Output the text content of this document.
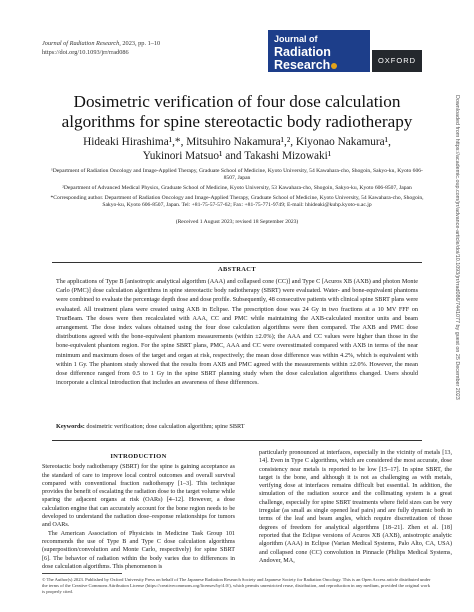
Journal of Radiation Research, 2023, pp. 1–10
https://doi.org/10.1093/jrr/rrad086
Journal of
Radiation
Research	OXFORD
Dosimetric verification of four dose calculation
algorithms for spine stereotactic body radiotherapy
Hideaki Hirashima¹,*, Mitsuhiro Nakamura¹,², Kiyonao Nakamura¹,
Yukinori Matsuo¹ and Takashi Mizowaki¹
¹Department of Radiation Oncology and Image-Applied Therapy, Graduate School of Medicine, Kyoto University, 54 Kawahara-cho, Shogoin, Sakyo-ku, Kyoto 606-8507, Japan
²Department of Advanced Medical Physics, Graduate School of Medicine, Kyoto University, 53 Kawahara-cho, Shogoin, Sakyo-ku, Kyoto 606-8507, Japan
*Corresponding author. Department of Radiation Oncology and Image-Applied Therapy, Graduate School of Medicine, Kyoto University, 54 Kawahara-cho, Shogoin, Sakyo-ku, Kyoto 606-8507, Japan. Tel: +81-75-57-57-62; Fax: +81-75-771-9749; E-mail: hhideaki@kuhp.kyoto-u.ac.jp
(Received 1 August 2023; revised 18 September 2023)
ABSTRACT
The applications of Type B [anisotropic analytical algorithm (AAA) and collapsed cone (CC)] and Type C [Acuros XB (AXB) and photon Monte Carlo (PMC)] dose calculation algorithms in spine stereotactic body radiotherapy (SBRT) were evaluated. Water- and bone-equivalent phantoms were combined to evaluate the percentage depth dose and dose profile. Subsequently, 48 consecutive patients with clinical spine SBRT plans were evaluated. All treatment plans were created using AXB in Eclipse. The prescription dose was 24 Gy in two fractions at a 10 MV FFF on TrueBeam. The doses were then recalculated with AAA, CC and PMC while maintaining the AXB-calculated monitor units and beam arrangement. The dose index values obtained using the four dose calculation algorithms were then compared. The AXB and PMC dose distributions agreed with the bone-equivalent phantom measurements (within ±2.0%); the AAA and CC values were higher than those in the bone-equivalent phantom region. For the spine SBRT plans, PMC, AAA and CC were overestimated compared with AXB in terms of the near minimum and maximum doses of the target and organ at risk, respectively; the mean dose difference was within 4.2%, which is equivalent with within 1 Gy. The phantom study showed that the results from AXB and PMC agreed with the measurements within ±2.0%. However, the mean dose difference ranged from 0.5 to 1 Gy in the spine SBRT planning study when the dose calculation algorithms changed. Users should incorporate a clinical introduction that includes an awareness of these differences.
Keywords: dosimetric verification; dose calculation algorithm; spine SBRT
INTRODUCTION

Stereotactic body radiotherapy (SBRT) for the spine is gaining acceptance as the standard of care to improve local control outcomes and overall survival compared with conventional fraction radiotherapy [1–3]. This technique provides the benefit of escalating the radiation dose to the target volume while sparing the adjacent organs at risk (OARs) [4–12]. However, a dose calculation engine that can accurately account for the bone region needs to be developed to understand the radiation dose–response relationships for tumors and OARs.

The American Association of Physicists in Medicine Task Group 101 recommends the use of Type B and Type C dose calculation algorithms (superposition/convolution and Monte Carlo, respectively) for spine SBRT [6]. The behavior of radiation within the body varies due to differences in dose calculation algorithms. This phenomenon is

particularly pronounced at interfaces, especially in the vicinity of metals [13, 14]. Even in Type C algorithms, which are considered the most accurate, dose consistency near metals is reported to be low [15–17]. In spine SBRT, the target is the bone, and although it is not as challenging as with metals, verifying dose at interfaces remains difficult but essential. In addition, the simulation of the radiation source and the collimating system is a great challenge, especially for spine SBRT treatments where field sizes can be very irregular (as small as single opened leaf pairs) and are fully dynamic both in terms of the leaf and beam angles, which require discretization of those degrees of freedom for analytical algorithms [18–21]. Zhen et al. [18] reported that the Eclipse versions of Acuros XB (AXB), anisotropic analytic algorithm (AAA) in Eclipse (Varian Medical Systems, Palo Alto, CA, USA) and collapsed cone (CC) convolution in Pinnacle (Philips Medical Systems, Andover, MA,

© The Author(s) 2023. Published by Oxford University Press on behalf of The Japanese Radiation Research Society and Japanese Society for Radiation Oncology. This is an Open Access article distributed under the terms of the Creative Commons Attribution License (https://creativecommons.org/licenses/by/4.0/), which permits unrestricted reuse, distribution, and reproduction in any medium, provided the original work is properly cited.
Downloaded from https://academic.oup.com/jrr/advance-article/doi/10.1093/jrr/rrad086/7441077 by guest on 25 December 2023
